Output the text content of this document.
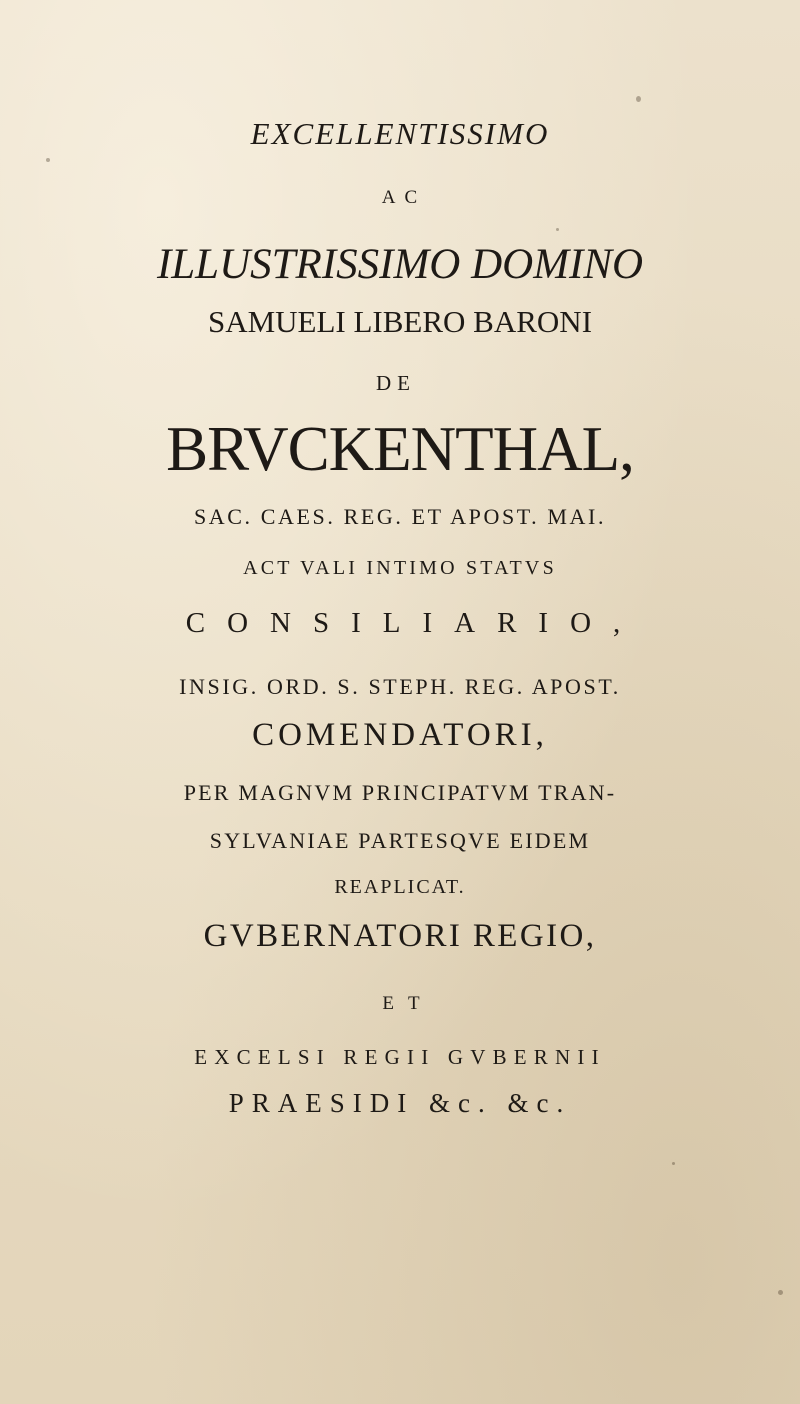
EXCELLENTISSIMO

AC

ILLUSTRISSIMO DOMINO

SAMUELI LIBERO BARONI

DE

BRVCKENTHAL,

SAC. CAES. REG. ET APOST. MAI.

ACT VALI INTIMO STATVS

CONSILIARIO,

INSIG. ORD. S. STEPH. REG. APOST.

COMENDATORI,

PER MAGNVM PRINCIPATVM TRAN-

SYLVANIAE PARTESQVE EIDEM

REAPLICAT.

GVBERNATORI REGIO,

ET

EXCELSI REGII GVBERNII

PRAESIDI &c. &c.
